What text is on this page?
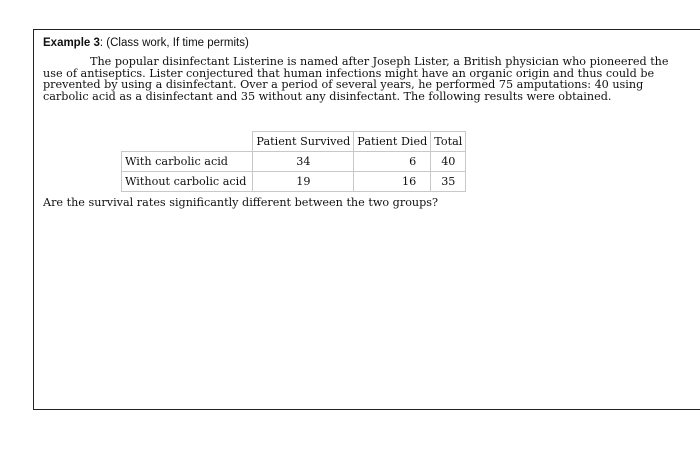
Example 3: (Class work, If time permits)

The popular disinfectant Listerine is named after Joseph Lister, a British physician who pioneered the use of antiseptics. Lister conjectured that human infections might have an organic origin and thus could be prevented by using a disinfectant. Over a period of several years, he performed 75 amputations: 40 using carbolic acid as a disinfectant and 35 without any disinfectant. The following results were obtained.

	Patient Survived	Patient Died	Total
With carbolic acid	34	6	40
Without carbolic acid	19	16	35
Are the survival rates significantly different between the two groups?
